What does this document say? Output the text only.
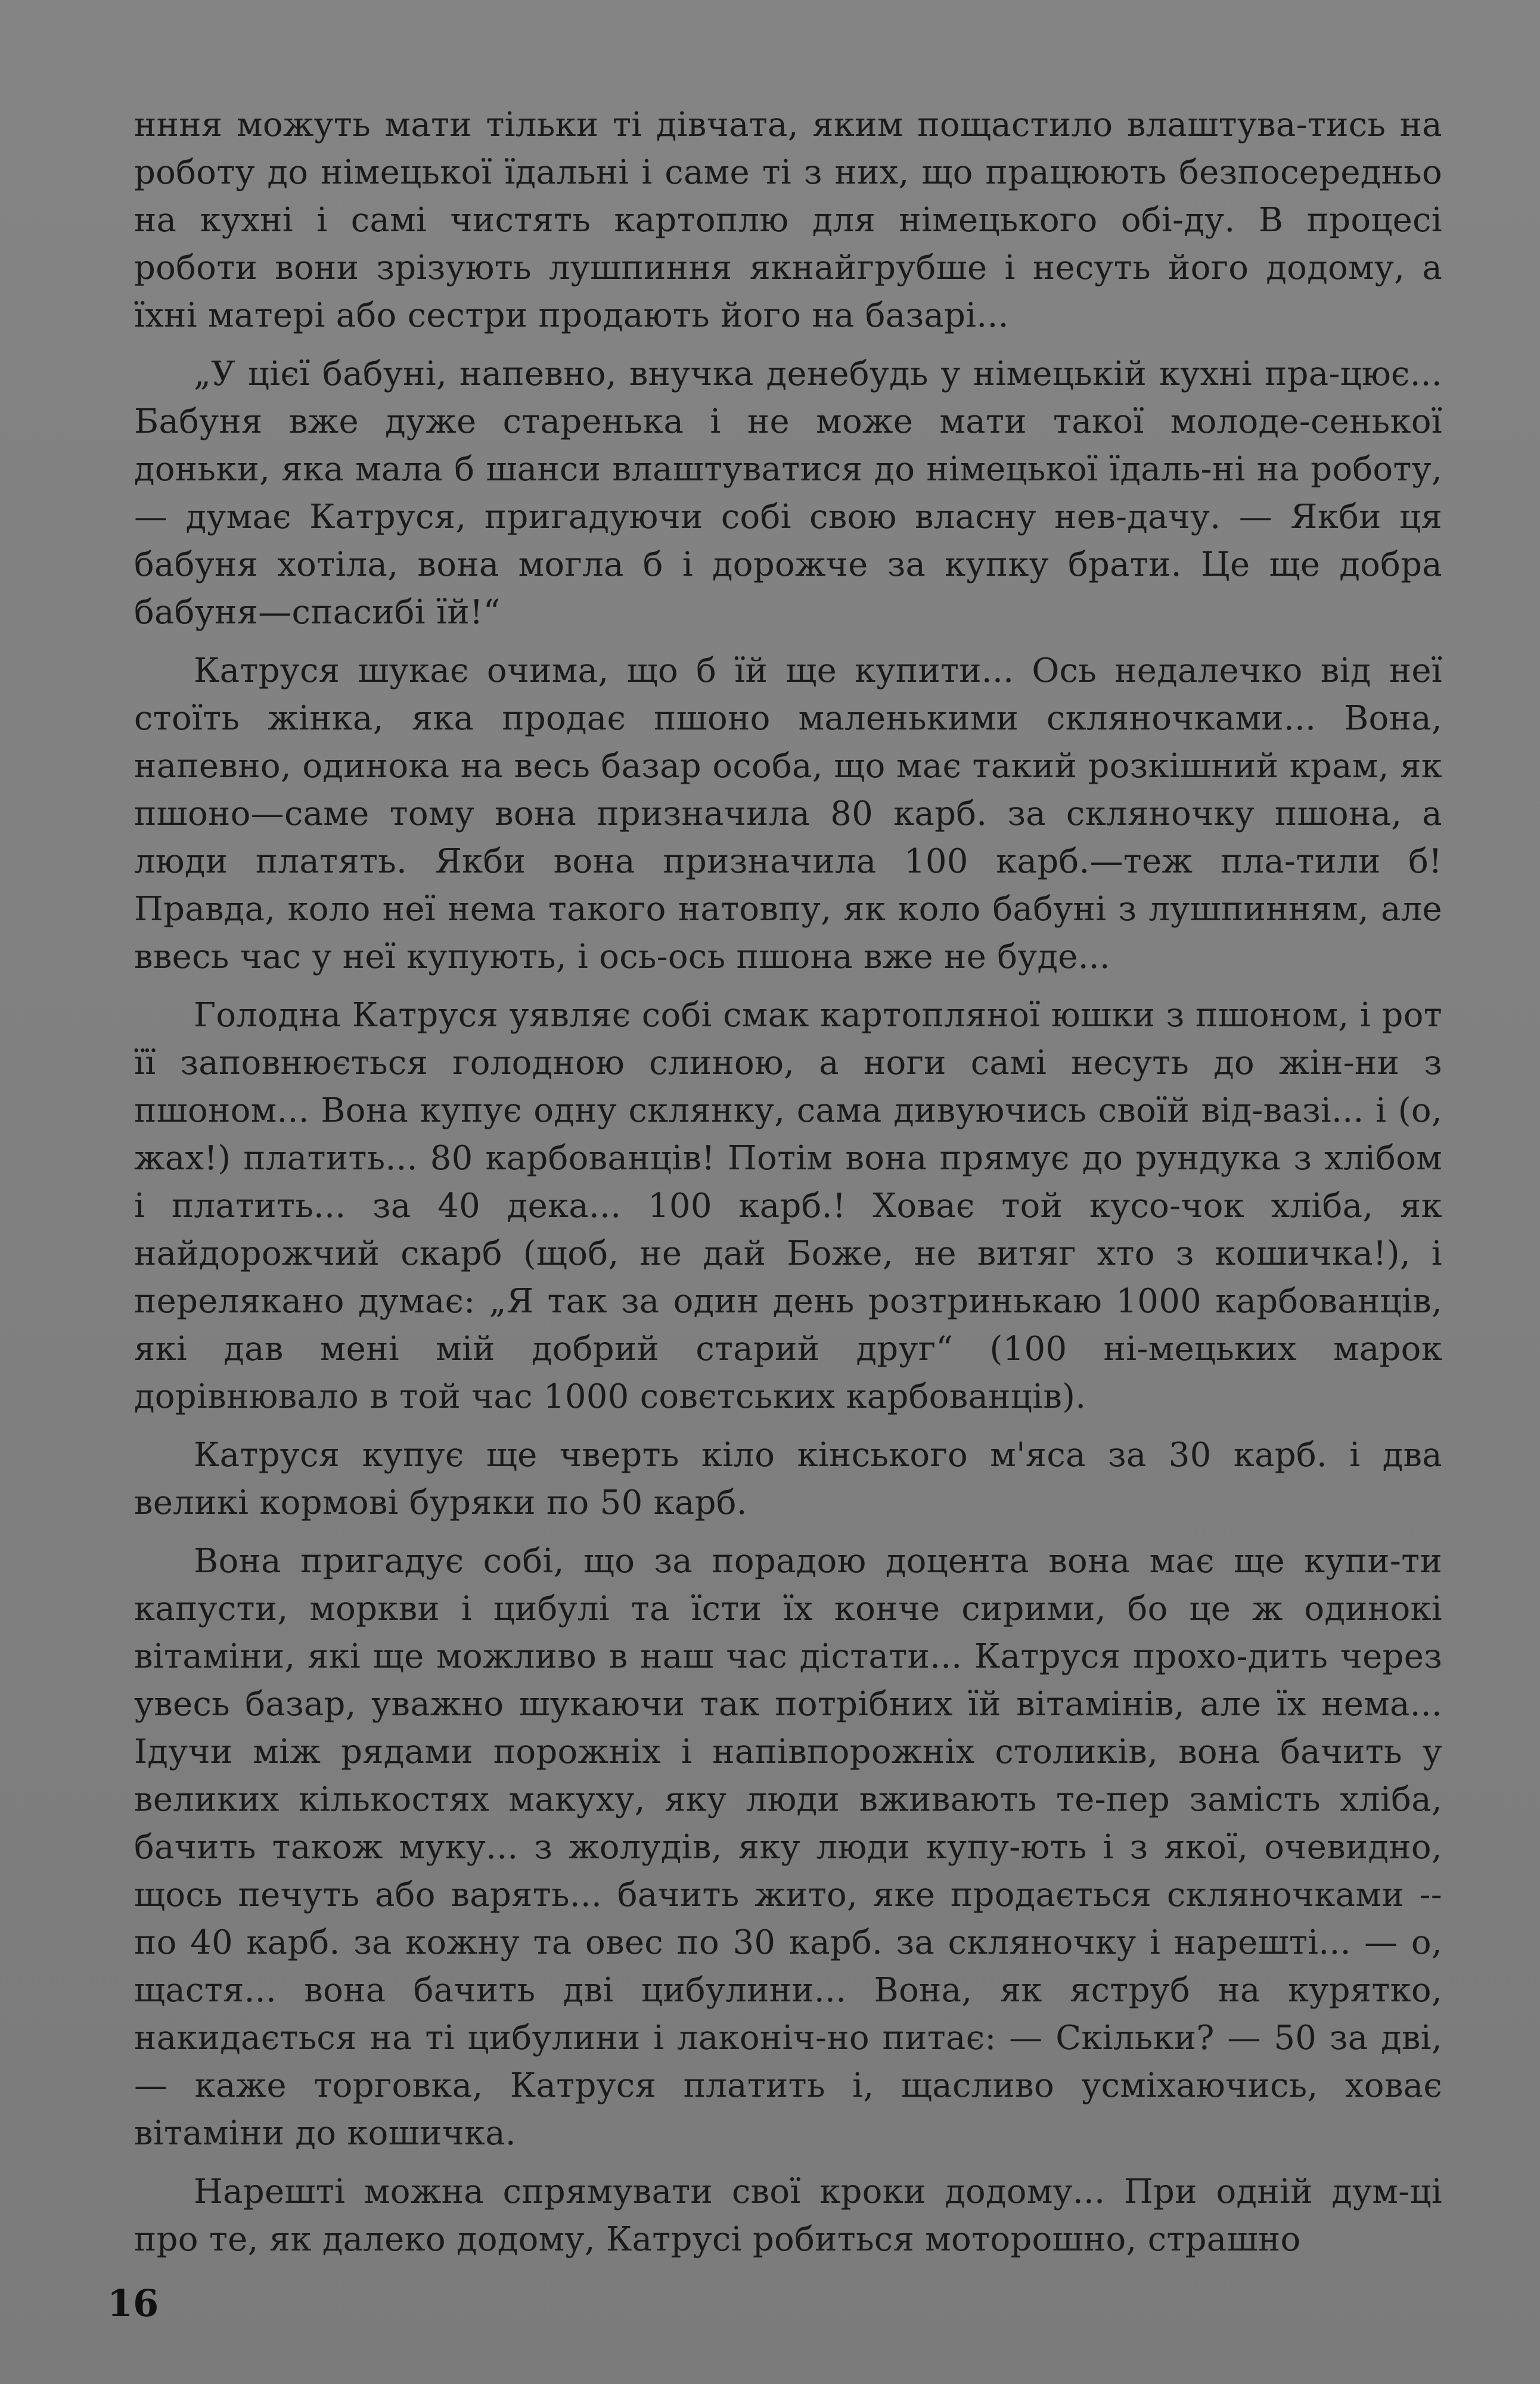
нння можуть мати тільки ті дівчата, яким пощастило влаштува-тись на роботу до німецької їдальні і саме ті з них, що працюють безпосередньо на кухні і самі чистять картоплю для німецького обі-ду. В процесі роботи вони зрізують лушпиння якнайгрубше і несуть його додому, а їхні матері або сестри продають його на базарі...

„У цієї бабуні, напевно, внучка денебудь у німецькій кухні пра-цює... Бабуня вже дуже старенька і не може мати такої молоде-сенької доньки, яка мала б шанси влаштуватися до німецької їдаль-ні на роботу, — думає Катруся, пригадуючи собі свою власну нев-дачу. — Якби ця бабуня хотіла, вона могла б і дорожче за купку брати. Це ще добра бабуня—спасибі їй!“

Катруся шукає очима, що б їй ще купити... Ось недалечко від неї стоїть жінка, яка продає пшоно маленькими скляночками... Вона, напевно, одинока на весь базар особа, що має такий розкішний крам, як пшоно—саме тому вона призначила 80 карб. за скляночку пшона, а люди платять. Якби вона призначила 100 карб.—теж пла-тили б! Правда, коло неї нема такого натовпу, як коло бабуні з лушпинням, але ввесь час у неї купують, і ось-ось пшона вже не буде...

Голодна Катруся уявляє собі смак картопляної юшки з пшоном, і рот її заповнюється голодною слиною, а ноги самі несуть до жін-ни з пшоном... Вона купує одну склянку, сама дивуючись своїй від-вазі... і (о, жах!) платить... 80 карбованців! Потім вона прямує до рундука з хлібом і платить... за 40 дека... 100 карб.! Ховає той кусо-чок хліба, як найдорожчий скарб (щоб, не дай Боже, не витяг хто з кошичка!), і перелякано думає: „Я так за один день розтринькаю 1000 карбованців, які дав мені мій добрий старий друг“ (100 ні-мецьких марок дорівнювало в той час 1000 совєтських карбованців).

Катруся купує ще чверть кіло кінського м'яса за 30 карб. і два великі кормові буряки по 50 карб.

Вона пригадує собі, що за порадою доцента вона має ще купи-ти капусти, моркви і цибулі та їсти їх конче сирими, бо це ж одинокі вітаміни, які ще можливо в наш час дістати... Катруся прохо-дить через увесь базар, уважно шукаючи так потрібних їй вітамінів, але їх нема... Ідучи між рядами порожніх і напівпорожніх столиків, вона бачить у великих кількостях макуху, яку люди вживають те-пер замість хліба, бачить також муку... з жолудів, яку люди купу-ють і з якої, очевидно, щось печуть або варять... бачить жито, яке продається скляночками -- по 40 карб. за кожну та овес по 30 карб. за скляночку і нарешті... — о, щастя... вона бачить дві цибулини... Вона, як яструб на курятко, накидається на ті цибулини і лаконіч-но питає: — Скільки? — 50 за дві, — каже торговка, Катруся платить і, щасливо усміхаючись, ховає вітаміни до кошичка.

Нарешті можна спрямувати свої кроки додому... При одній дум-ці про те, як далеко додому, Катрусі робиться моторошно, страшно

16
